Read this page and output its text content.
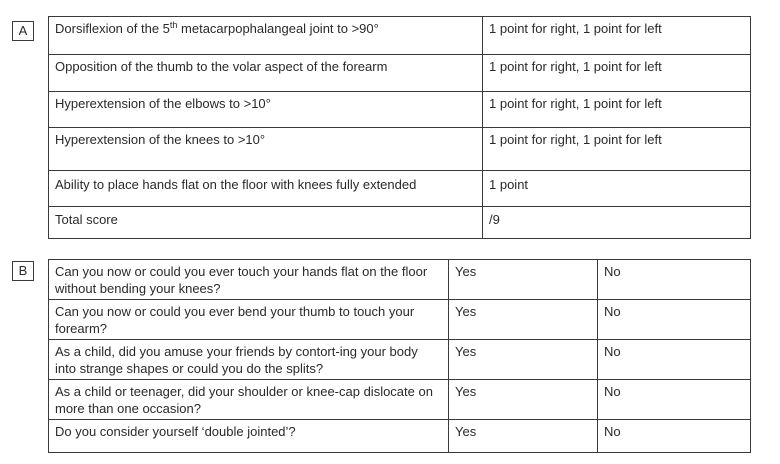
A	Dorsiflexion of the 5th metacarpophalangeal joint to >90°	1 point for right, 1 point for left
Opposition of the thumb to the volar aspect of the forearm	1 point for right, 1 point for left
Hyperextension of the elbows to >10°	1 point for right, 1 point for left
Hyperextension of the knees to >10°	1 point for right, 1 point for left
Ability to place hands flat on the floor with knees fully extended	1 point
Total score	/9
B	Can you now or could you ever touch your hands flat on the floor without bending your knees?	Yes	No
Can you now or could you ever bend your thumb to touch your forearm?	Yes	No
As a child, did you amuse your friends by contort-ing your body into strange shapes or could you do the splits?	Yes	No
As a child or teenager, did your shoulder or knee-cap dislocate on more than one occasion?	Yes	No
Do you consider yourself ‘double jointed’?	Yes	No
